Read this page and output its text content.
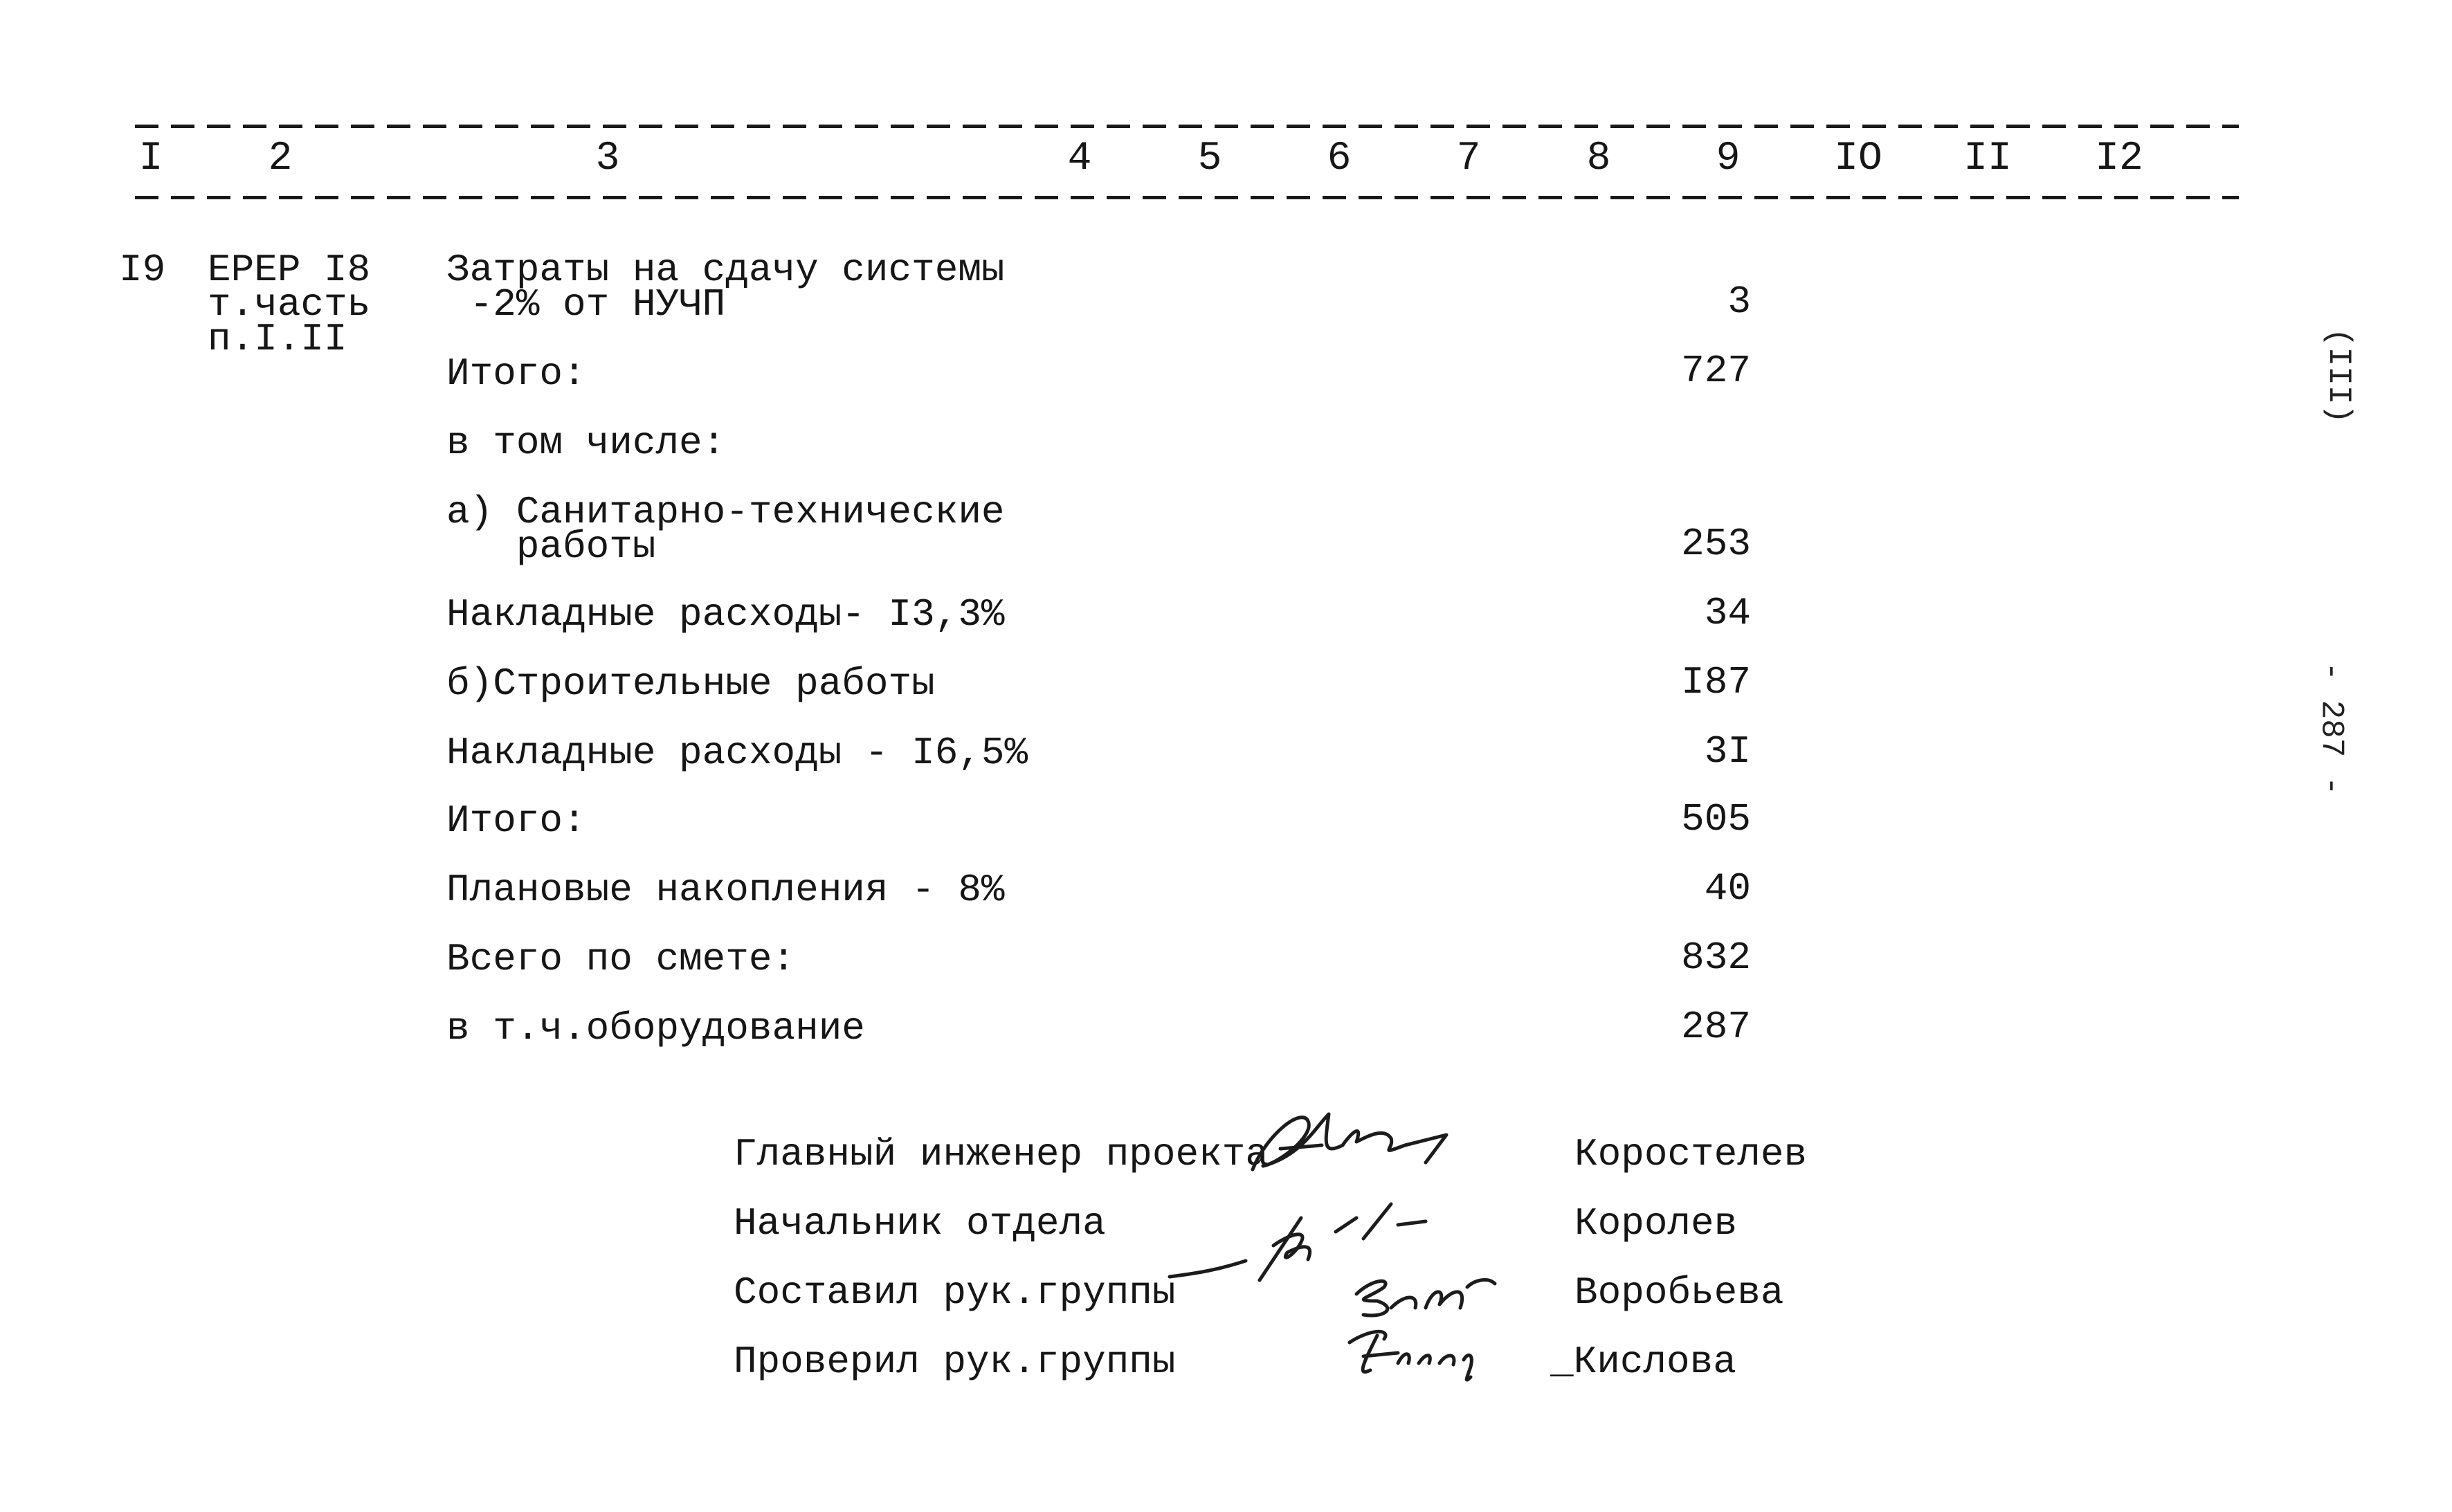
I	2	3	4	5	6	7	8	9 IO II I2
I9 ЕРЕР I8
т.часть
п.I.II
Затраты на сдачу системы
-2% от НУЧП	3
Итого:	727
в том числе:
а) Санитарно-технические
работы	253
Накладные расходы- I3,3%	34
б)Строительные работы	I87
Накладные расходы - I6,5%	3I
Итого:	505
Плановые накопления - 8%	40
Всего по смете:	832
в т.ч.оборудование	287
Главный инженер проекта	Коростелев
Начальник отдела	Королев
Составил рук.группы	Воробьева
Проверил рук.группы	_Кислова
(III)
- 287 -
